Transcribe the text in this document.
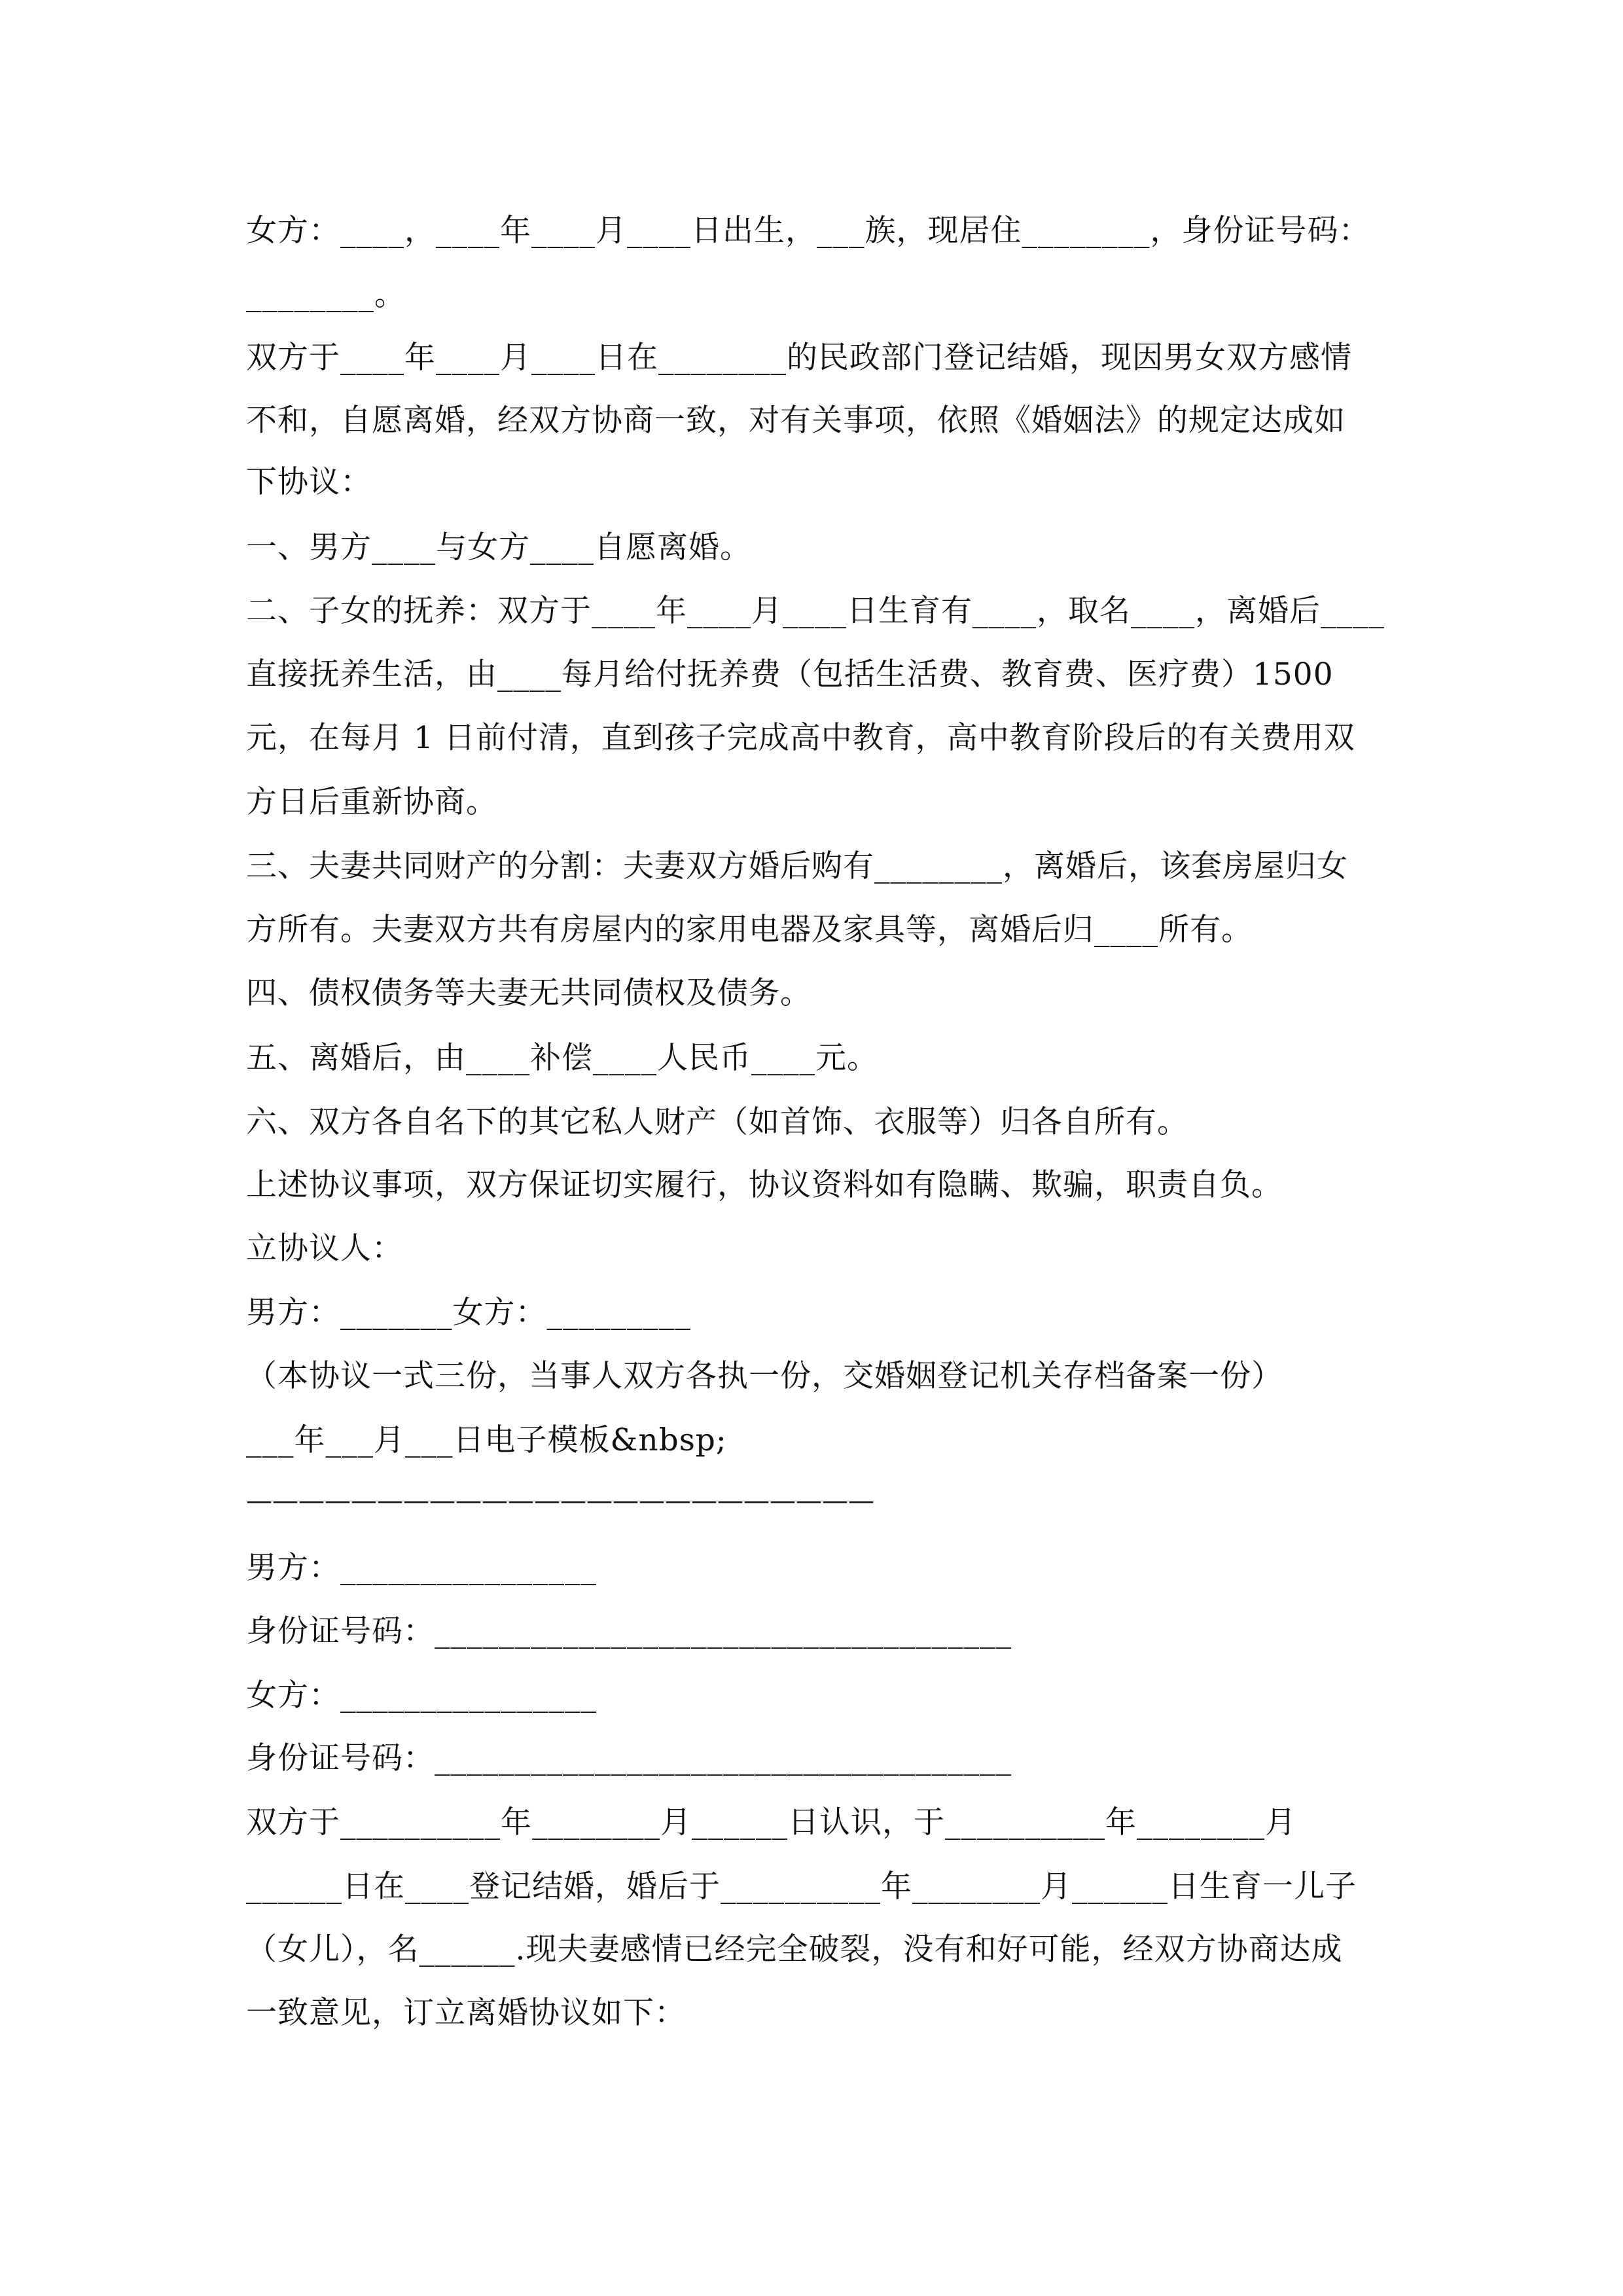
女方：____，____年____月____日出生，___族，现居住________，身份证号码：
________。
双方于____年____月____日在________的民政部门登记结婚，现因男女双方感情
不和，自愿离婚，经双方协商一致，对有关事项，依照《婚姻法》的规定达成如
下协议：
一、男方____与女方____自愿离婚。
二、子女的抚养：双方于____年____月____日生育有____，取名____，离婚后____
直接抚养生活，由____每月给付抚养费（包括生活费、教育费、医疗费）1500
元，在每月 1 日前付清，直到孩子完成高中教育，高中教育阶段后的有关费用双
方日后重新协商。
三、夫妻共同财产的分割：夫妻双方婚后购有________，离婚后，该套房屋归女
方所有。夫妻双方共有房屋内的家用电器及家具等，离婚后归____所有。
四、债权债务等夫妻无共同债权及债务。
五、离婚后，由____补偿____人民币____元。
六、双方各自名下的其它私人财产（如首饰、衣服等）归各自所有。
上述协议事项，双方保证切实履行，协议资料如有隐瞒、欺骗，职责自负。
立协议人：
男方：_______女方：_________
（本协议一式三份，当事人双方各执一份，交婚姻登记机关存档备案一份）
___年___月___日电子模板&nbsp;
————————————————————————
男方：________________
身份证号码：____________________________________
女方：________________
身份证号码：____________________________________
双方于__________年________月______日认识，于__________年________月
______日在____登记结婚，婚后于__________年________月______日生育一儿子
（女儿），名______.现夫妻感情已经完全破裂，没有和好可能，经双方协商达成
一致意见，订立离婚协议如下：
